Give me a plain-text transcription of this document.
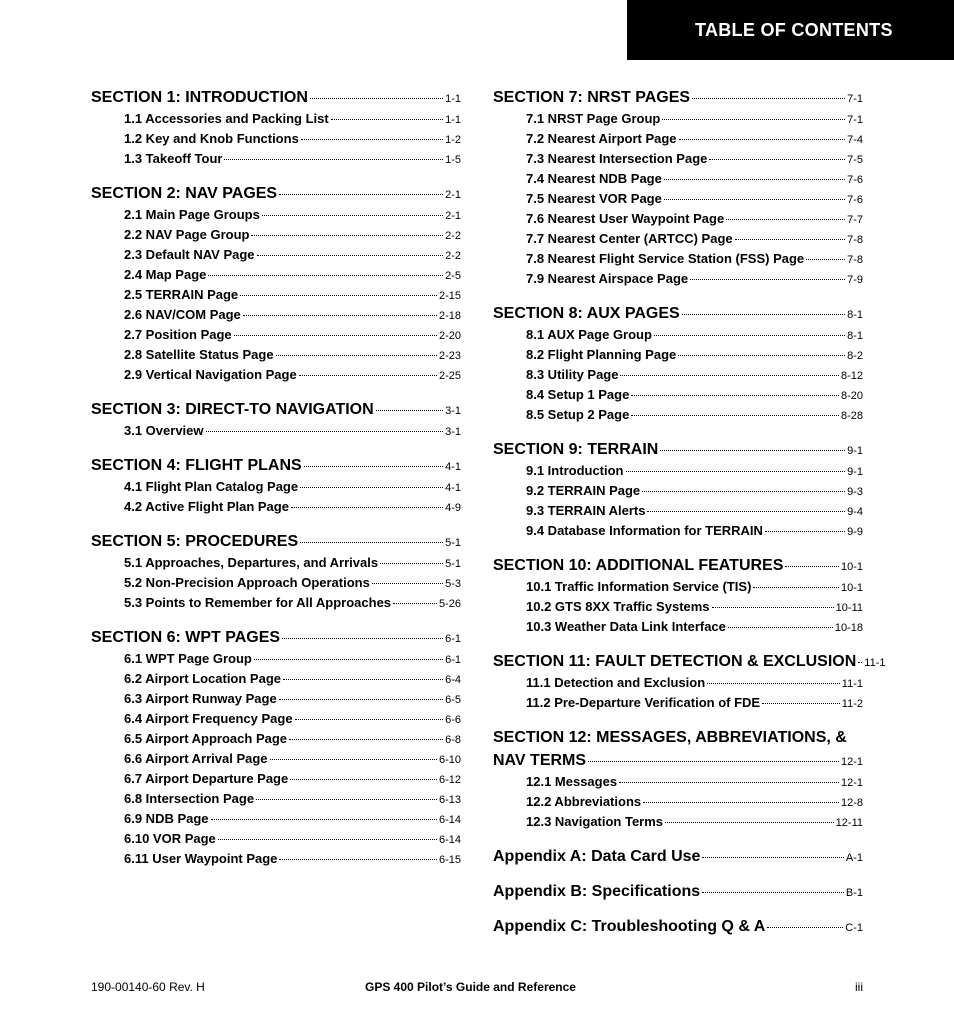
TABLE OF CONTENTS
SECTION 1: INTRODUCTION	1-1
1.1 Accessories and Packing List	1-1
1.2 Key and Knob Functions	1-2
1.3 Takeoff Tour	1-5
SECTION 2: NAV PAGES	2-1
2.1 Main Page Groups	2-1
2.2 NAV Page Group	2-2
2.3 Default NAV Page	2-2
2.4 Map Page	2-5
2.5 TERRAIN Page	2-15
2.6 NAV/COM Page	2-18
2.7 Position Page	2-20
2.8 Satellite Status Page	2-23
2.9 Vertical Navigation Page	2-25
SECTION 3: DIRECT-TO NAVIGATION	3-1
3.1 Overview	3-1
SECTION 4: FLIGHT PLANS	4-1
4.1 Flight Plan Catalog Page	4-1
4.2 Active Flight Plan Page	4-9
SECTION 5: PROCEDURES	5-1
5.1 Approaches, Departures, and Arrivals	5-1
5.2 Non-Precision Approach Operations	5-3
5.3 Points to Remember for All Approaches	5-26
SECTION 6: WPT PAGES	6-1
6.1 WPT Page Group	6-1
6.2 Airport Location Page	6-4
6.3 Airport Runway Page	6-5
6.4 Airport Frequency Page	6-6
6.5 Airport Approach Page	6-8
6.6 Airport Arrival Page	6-10
6.7 Airport Departure Page	6-12
6.8 Intersection Page	6-13
6.9 NDB Page	6-14
6.10 VOR Page	6-14
6.11 User Waypoint Page	6-15
SECTION 7: NRST PAGES	7-1
7.1 NRST Page Group	7-1
7.2 Nearest Airport Page	7-4
7.3 Nearest Intersection Page	7-5
7.4 Nearest NDB Page	7-6
7.5 Nearest VOR Page	7-6
7.6 Nearest User Waypoint Page	7-7
7.7 Nearest Center (ARTCC) Page	7-8
7.8 Nearest Flight Service Station (FSS) Page	7-8
7.9 Nearest Airspace Page	7-9
SECTION 8: AUX PAGES	8-1
8.1 AUX Page Group	8-1
8.2 Flight Planning Page	8-2
8.3 Utility Page	8-12
8.4 Setup 1 Page	8-20
8.5 Setup 2 Page	8-28
SECTION 9: TERRAIN	9-1
9.1 Introduction	9-1
9.2 TERRAIN Page	9-3
9.3 TERRAIN Alerts	9-4
9.4 Database Information for TERRAIN	9-9
SECTION 10: ADDITIONAL FEATURES	10-1
10.1 Traffic Information Service (TIS)	10-1
10.2 GTS 8XX Traffic Systems	10-11
10.3 Weather Data Link Interface	10-18
SECTION 11: FAULT DETECTION & EXCLUSION 11-1
11.1 Detection and Exclusion	11-1
11.2 Pre-Departure Verification of FDE	11-2
SECTION 12: MESSAGES, ABBREVIATIONS, &
NAV TERMS	12-1
12.1 Messages	12-1
12.2 Abbreviations	12-8
12.3 Navigation Terms	12-11
Appendix A: Data Card Use	A-1
Appendix B: Specifications	B-1
Appendix C: Troubleshooting Q & A	C-1
190-00140-60 Rev. H	GPS 400 Pilot’s Guide and Reference	iii
